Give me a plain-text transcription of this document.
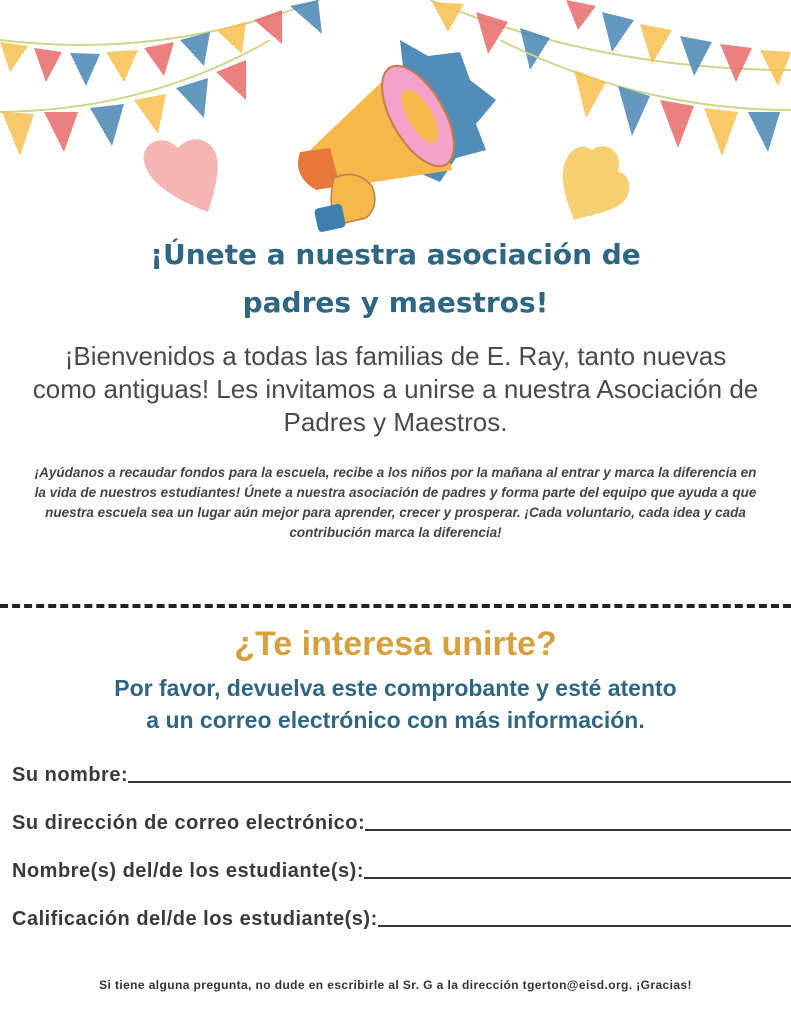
¡Únete a nuestra asociación de
padres y maestros!
¡Bienvenidos a todas las familias de E. Ray, tanto nuevas como antiguas! Les invitamos a unirse a nuestra Asociación de Padres y Maestros.
¡Ayúdanos a recaudar fondos para la escuela, recibe a los niños por la mañana al entrar y marca la diferencia en la vida de nuestros estudiantes! Únete a nuestra asociación de padres y forma parte del equipo que ayuda a que nuestra escuela sea un lugar aún mejor para aprender, crecer y prosperar. ¡Cada voluntario, cada idea y cada contribución marca la diferencia!
¿Te interesa unirte?
Por favor, devuelva este comprobante y esté atento
a un correo electrónico con más información.
Su nombre:
Su dirección de correo electrónico:
Nombre(s) del/de los estudiante(s):
Calificación del/de los estudiante(s):
Si tiene alguna pregunta, no dude en escribirle al Sr. G a la dirección tgerton@eisd.org. ¡Gracias!
